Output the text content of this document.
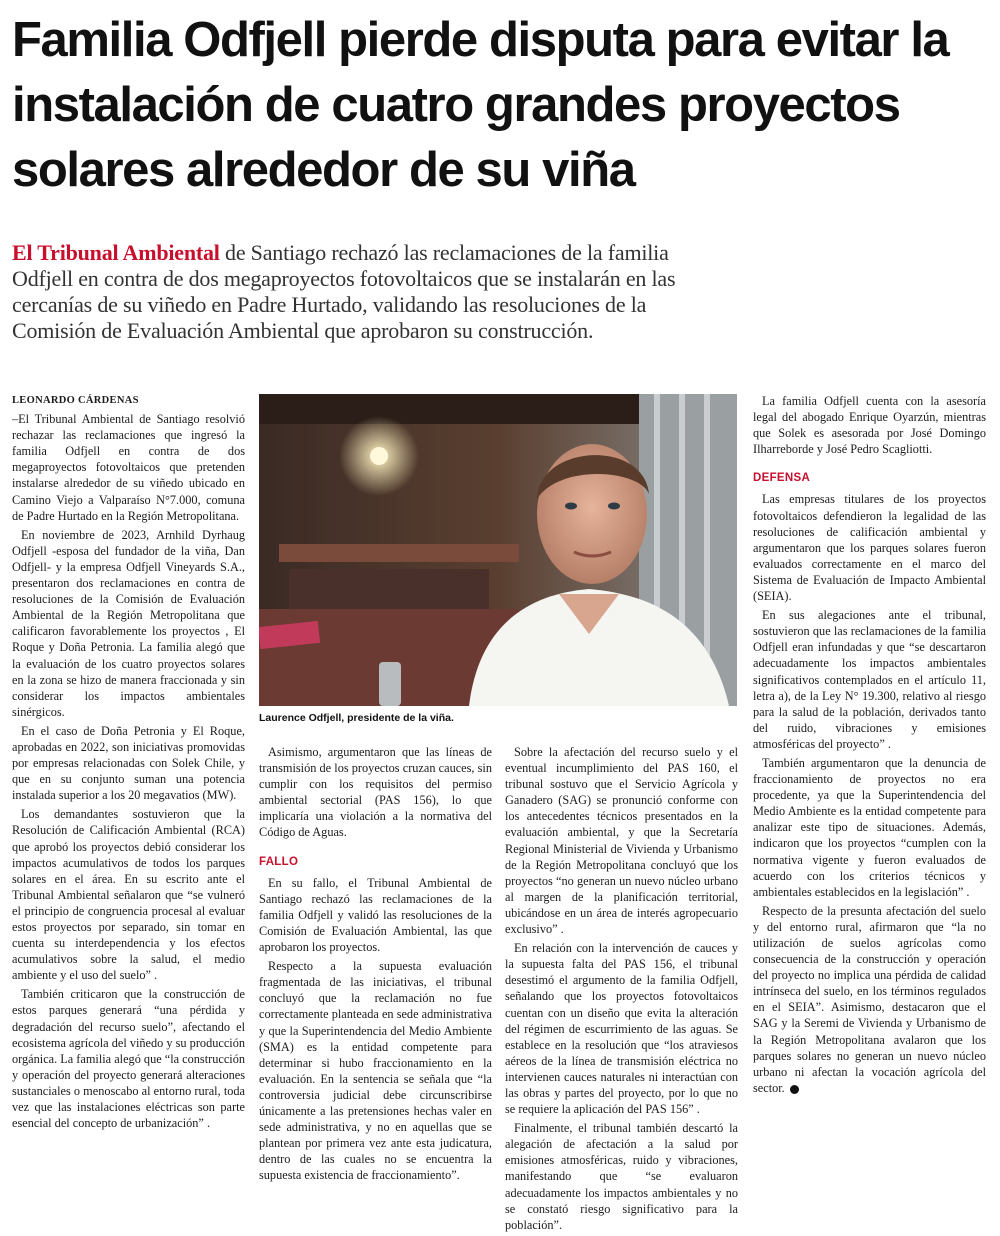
Familia Odfjell pierde disputa para evitar la instalación de cuatro grandes proyectos solares alrededor de su viña

El Tribunal Ambiental de Santiago rechazó las reclamaciones de la familia Odfjell en contra de dos megaproyectos fotovoltaicos que se instalarán en las cercanías de su viñedo en Padre Hurtado, validando las resoluciones de la Comisión de Evaluación Ambiental que aprobaron su construcción.

LEONARDO CÁRDENAS

–El Tribunal Ambiental de Santiago resolvió rechazar las reclamaciones que ingresó la familia Odfjell en contra de dos megaproyectos fotovoltaicos que pretenden instalarse alrededor de su viñedo ubicado en Camino Viejo a Valparaíso N°7.000, comuna de Padre Hurtado en la Región Metropolitana.

En noviembre de 2023, Arnhild Dyrhaug Odfjell -esposa del fundador de la viña, Dan Odfjell- y la empresa Odfjell Vineyards S.A., presentaron dos reclamaciones en contra de resoluciones de la Comisión de Evaluación Ambiental de la Región Metropolitana que calificaron favorablemente los proyectos , El Roque y Doña Petronia. La familia alegó que la evaluación de los cuatro proyectos solares en la zona se hizo de manera fraccionada y sin considerar los impactos ambientales sinérgicos.

En el caso de Doña Petronia y El Roque, aprobadas en 2022, son iniciativas promovidas por empresas relacionadas con Solek Chile, y que en su conjunto suman una potencia instalada superior a los 20 megavatios (MW).

Los demandantes sostuvieron que la Resolución de Calificación Ambiental (RCA) que aprobó los proyectos debió considerar los impactos acumulativos de todos los parques solares en el área. En su escrito ante el Tribunal Ambiental señalaron que “se vulneró el principio de congruencia procesal al evaluar estos proyectos por separado, sin tomar en cuenta su interdependencia y los efectos acumulativos sobre la salud, el medio ambiente y el uso del suelo” .

También criticaron que la construcción de estos parques generará “una pérdida y degradación del recurso suelo”, afectando el ecosistema agrícola del viñedo y su producción orgánica. La familia alegó que “la construcción y operación del proyecto generará alteraciones sustanciales o menoscabo al entorno rural, toda vez que las instalaciones eléctricas son parte esencial del concepto de urbanización” .

Laurence Odfjell, presidente de la viña.

Asimismo, argumentaron que las líneas de transmisión de los proyectos cruzan cauces, sin cumplir con los requisitos del permiso ambiental sectorial (PAS 156), lo que implicaría una violación a la normativa del Código de Aguas.

FALLO

En su fallo, el Tribunal Ambiental de Santiago rechazó las reclamaciones de la familia Odfjell y validó las resoluciones de la Comisión de Evaluación Ambiental, las que aprobaron los proyectos.

Respecto a la supuesta evaluación fragmentada de las iniciativas, el tribunal concluyó que la reclamación no fue correctamente planteada en sede administrativa y que la Superintendencia del Medio Ambiente (SMA) es la entidad competente para determinar si hubo fraccionamiento en la evaluación. En la sentencia se señala que “la controversia judicial debe circunscribirse únicamente a las pretensiones hechas valer en sede administrativa, y no en aquellas que se plantean por primera vez ante esta judicatura, dentro de las cuales no se encuentra la supuesta existencia de fraccionamiento”.

Sobre la afectación del recurso suelo y el eventual incumplimiento del PAS 160, el tribunal sostuvo que el Servicio Agrícola y Ganadero (SAG) se pronunció conforme con los antecedentes técnicos presentados en la evaluación ambiental, y que la Secretaría Regional Ministerial de Vivienda y Urbanismo de la Región Metropolitana concluyó que los proyectos “no generan un nuevo núcleo urbano al margen de la planificación territorial, ubicándose en un área de interés agropecuario exclusivo” .

En relación con la intervención de cauces y la supuesta falta del PAS 156, el tribunal desestimó el argumento de la familia Odfjell, señalando que los proyectos fotovoltaicos cuentan con un diseño que evita la alteración del régimen de escurrimiento de las aguas. Se establece en la resolución que “los atraviesos aéreos de la línea de transmisión eléctrica no intervienen cauces naturales ni interactúan con las obras y partes del proyecto, por lo que no se requiere la aplicación del PAS 156” .

Finalmente, el tribunal también descartó la alegación de afectación a la salud por emisiones atmosféricas, ruido y vibraciones, manifestando que “se evaluaron adecuadamente los impactos ambientales y no se constató riesgo significativo para la población”.

La familia Odfjell cuenta con la asesoría legal del abogado Enrique Oyarzún, mientras que Solek es asesorada por José Domingo Ilharreborde y José Pedro Scagliotti.

DEFENSA

Las empresas titulares de los proyectos fotovoltaicos defendieron la legalidad de las resoluciones de calificación ambiental y argumentaron que los parques solares fueron evaluados correctamente en el marco del Sistema de Evaluación de Impacto Ambiental (SEIA).

En sus alegaciones ante el tribunal, sostuvieron que las reclamaciones de la familia Odfjell eran infundadas y que “se descartaron adecuadamente los impactos ambientales significativos contemplados en el artículo 11, letra a), de la Ley N° 19.300, relativo al riesgo para la salud de la población, derivados tanto del ruido, vibraciones y emisiones atmosféricas del proyecto” .

También argumentaron que la denuncia de fraccionamiento de proyectos no era procedente, ya que la Superintendencia del Medio Ambiente es la entidad competente para analizar este tipo de situaciones. Además, indicaron que los proyectos “cumplen con la normativa vigente y fueron evaluados de acuerdo con los criterios técnicos y ambientales establecidos en la legislación” .

Respecto de la presunta afectación del suelo y del entorno rural, afirmaron que “la no utilización de suelos agrícolas como consecuencia de la construcción y operación del proyecto no implica una pérdida de calidad intrínseca del suelo, en los términos regulados en el SEIA”. Asimismo, destacaron que el SAG y la Seremi de Vivienda y Urbanismo de la Región Metropolitana avalaron que los parques solares no generan un nuevo núcleo urbano ni afectan la vocación agrícola del sector. P
